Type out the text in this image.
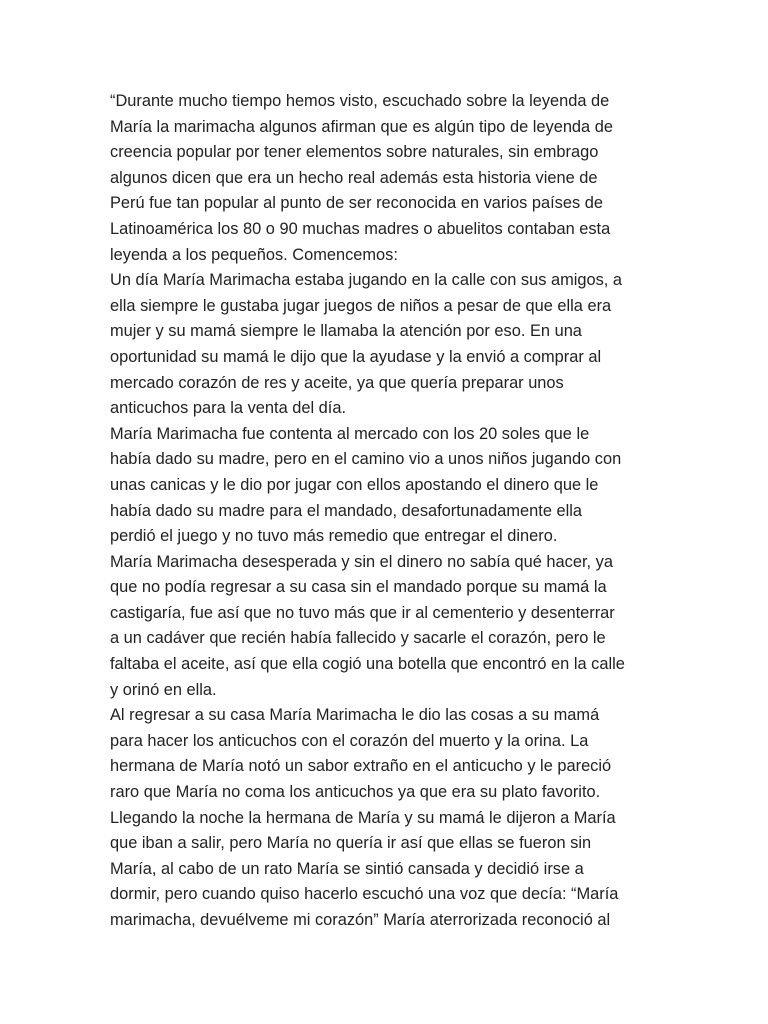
“Durante mucho tiempo hemos visto, escuchado sobre la leyenda de
María la marimacha algunos afirman que es algún tipo de leyenda de
creencia popular por tener elementos sobre naturales, sin embrago
algunos dicen que era un hecho real además esta historia viene de
Perú fue tan popular al punto de ser reconocida en varios países de
Latinoamérica los 80 o 90 muchas madres o abuelitos contaban esta
leyenda a los pequeños. Comencemos:
Un día María Marimacha estaba jugando en la calle con sus amigos, a
ella siempre le gustaba jugar juegos de niños a pesar de que ella era
mujer y su mamá siempre le llamaba la atención por eso. En una
oportunidad su mamá le dijo que la ayudase y la envió a comprar al
mercado corazón de res y aceite, ya que quería preparar unos
anticuchos para la venta del día.
María Marimacha fue contenta al mercado con los 20 soles que le
había dado su madre, pero en el camino vio a unos niños jugando con
unas canicas y le dio por jugar con ellos apostando el dinero que le
había dado su madre para el mandado, desafortunadamente ella
perdió el juego y no tuvo más remedio que entregar el dinero.
María Marimacha desesperada y sin el dinero no sabía qué hacer, ya
que no podía regresar a su casa sin el mandado porque su mamá la
castigaría, fue así que no tuvo más que ir al cementerio y desenterrar
a un cadáver que recién había fallecido y sacarle el corazón, pero le
faltaba el aceite, así que ella cogió una botella que encontró en la calle
y orinó en ella.
Al regresar a su casa María Marimacha le dio las cosas a su mamá
para hacer los anticuchos con el corazón del muerto y la orina. La
hermana de María notó un sabor extraño en el anticucho y le pareció
raro que María no coma los anticuchos ya que era su plato favorito.
Llegando la noche la hermana de María y su mamá le dijeron a María
que iban a salir, pero María no quería ir así que ellas se fueron sin
María, al cabo de un rato María se sintió cansada y decidió irse a
dormir, pero cuando quiso hacerlo escuchó una voz que decía: “María
marimacha, devuélveme mi corazón” María aterrorizada reconoció al
